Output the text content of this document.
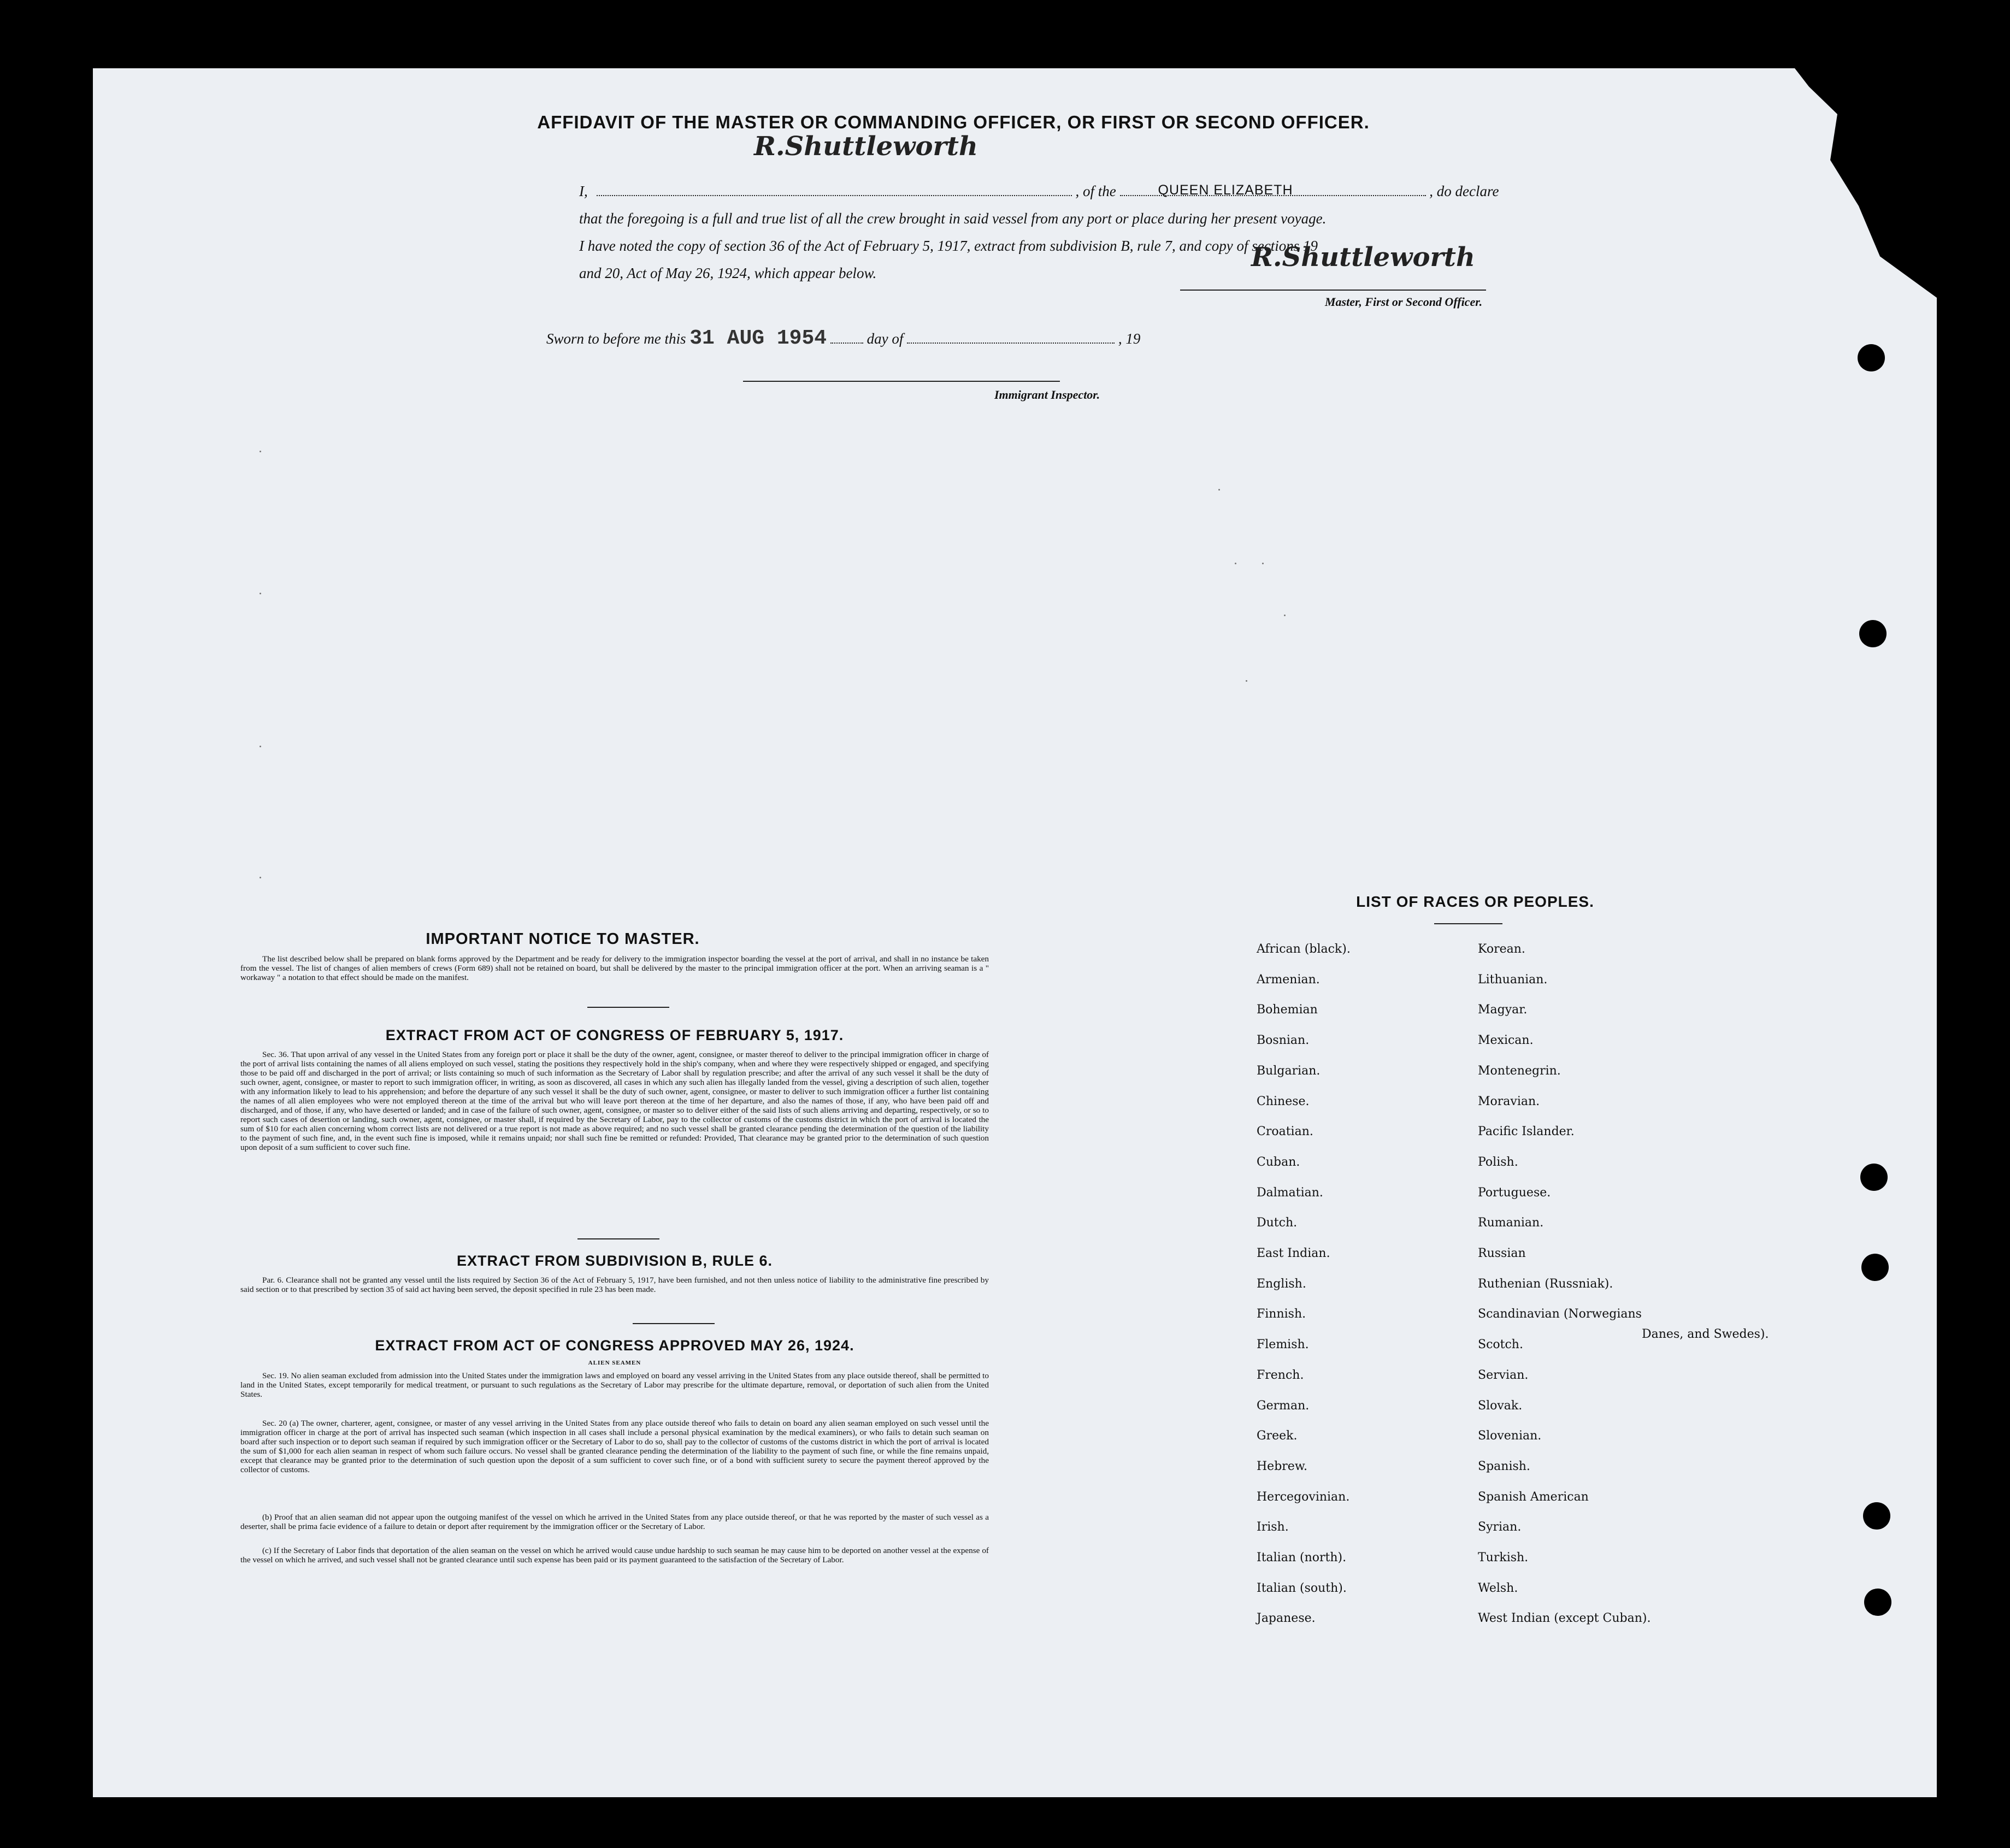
AFFIDAVIT OF THE MASTER OR COMMANDING OFFICER, OR FIRST OR SECOND OFFICER.
R.Shuttleworth
I,	, of the	QUEEN ELIZABETH	, do declare
that the foregoing is a full and true list of all the crew brought in said vessel from any port or place during her present voyage.
I have noted the copy of section 36 of the Act of February 5, 1917, extract from subdivision B, rule 7, and copy of sections 19
and 20, Act of May 26, 1924, which appear below.
R.Shuttleworth
Master, First or Second Officer.
Sworn to before me this 31 AUG 1954	day of	, 19
Immigrant Inspector.
IMPORTANT NOTICE TO MASTER.
The list described below shall be prepared on blank forms approved by the Department and be ready for delivery to the immigration inspector boarding the vessel at the port of arrival, and shall in no instance be taken from the vessel. The list of changes of alien members of crews (Form 689) shall not be retained on board, but shall be delivered by the master to the principal immigration officer at the port. When an arriving seaman is a " workaway " a notation to that effect should be made on the manifest.
EXTRACT FROM ACT OF CONGRESS OF FEBRUARY 5, 1917.
Sec. 36. That upon arrival of any vessel in the United States from any foreign port or place it shall be the duty of the owner, agent, consignee, or master thereof to deliver to the principal immigration officer in charge of the port of arrival lists containing the names of all aliens employed on such vessel, stating the positions they respectively hold in the ship's company, when and where they were respectively shipped or engaged, and specifying those to be paid off and discharged in the port of arrival; or lists containing so much of such information as the Secretary of Labor shall by regulation prescribe; and after the arrival of any such vessel it shall be the duty of such owner, agent, consignee, or master to report to such immigration officer, in writing, as soon as discovered, all cases in which any such alien has illegally landed from the vessel, giving a description of such alien, together with any information likely to lead to his apprehension; and before the departure of any such vessel it shall be the duty of such owner, agent, consignee, or master to deliver to such immigration officer a further list containing the names of all alien employees who were not employed thereon at the time of the arrival but who will leave port thereon at the time of her departure, and also the names of those, if any, who have been paid off and discharged, and of those, if any, who have deserted or landed; and in case of the failure of such owner, agent, consignee, or master so to deliver either of the said lists of such aliens arriving and departing, respectively, or so to report such cases of desertion or landing, such owner, agent, consignee, or master shall, if required by the Secretary of Labor, pay to the collector of customs of the customs district in which the port of arrival is located the sum of $10 for each alien concerning whom correct lists are not delivered or a true report is not made as above required; and no such vessel shall be granted clearance pending the determination of the question of the liability to the payment of such fine, and, in the event such fine is imposed, while it remains unpaid; nor shall such fine be remitted or refunded: Provided, That clearance may be granted prior to the determination of such question upon deposit of a sum sufficient to cover such fine.
EXTRACT FROM SUBDIVISION B, RULE 6.
Par. 6. Clearance shall not be granted any vessel until the lists required by Section 36 of the Act of February 5, 1917, have been furnished, and not then unless notice of liability to the administrative fine prescribed by said section or to that prescribed by section 35 of said act having been served, the deposit specified in rule 23 has been made.
EXTRACT FROM ACT OF CONGRESS APPROVED MAY 26, 1924.
ALIEN SEAMEN
Sec. 19. No alien seaman excluded from admission into the United States under the immigration laws and employed on board any vessel arriving in the United States from any place outside thereof, shall be permitted to land in the United States, except temporarily for medical treatment, or pursuant to such regulations as the Secretary of Labor may prescribe for the ultimate departure, removal, or deportation of such alien from the United States.
Sec. 20 (a) The owner, charterer, agent, consignee, or master of any vessel arriving in the United States from any place outside thereof who fails to detain on board any alien seaman employed on such vessel until the immigration officer in charge at the port of arrival has inspected such seaman (which inspection in all cases shall include a personal physical examination by the medical examiners), or who fails to detain such seaman on board after such inspection or to deport such seaman if required by such immigration officer or the Secretary of Labor to do so, shall pay to the collector of customs of the customs district in which the port of arrival is located the sum of $1,000 for each alien seaman in respect of whom such failure occurs. No vessel shall be granted clearance pending the determination of the liability to the payment of such fine, or while the fine remains unpaid, except that clearance may be granted prior to the determination of such question upon the deposit of a sum sufficient to cover such fine, or of a bond with sufficient surety to secure the payment thereof approved by the collector of customs.
(b) Proof that an alien seaman did not appear upon the outgoing manifest of the vessel on which he arrived in the United States from any place outside thereof, or that he was reported by the master of such vessel as a deserter, shall be prima facie evidence of a failure to detain or deport after requirement by the immigration officer or the Secretary of Labor.
(c) If the Secretary of Labor finds that deportation of the alien seaman on the vessel on which he arrived would cause undue hardship to such seaman he may cause him to be deported on another vessel at the expense of the vessel on which he arrived, and such vessel shall not be granted clearance until such expense has been paid or its payment guaranteed to the satisfaction of the Secretary of Labor.
LIST OF RACES OR PEOPLES.
African (black).
Armenian.
Bohemian
Bosnian.
Bulgarian.
Chinese.
Croatian.
Cuban.
Dalmatian.
Dutch.
East Indian.
English.
Finnish.
Flemish.
French.
German.
Greek.
Hebrew.
Hercegovinian.
Irish.
Italian (north).
Italian (south).
Japanese.
Korean.
Lithuanian.
Magyar.
Mexican.
Montenegrin.
Moravian.
Pacific Islander.
Polish.
Portuguese.
Rumanian.
Russian
Ruthenian (Russniak).
Scandinavian (Norwegians
Scotch.
Servian.
Slovak.
Slovenian.
Spanish.
Spanish American
Syrian.
Turkish.
Welsh.
West Indian (except Cuban).
Danes, and Swedes).
